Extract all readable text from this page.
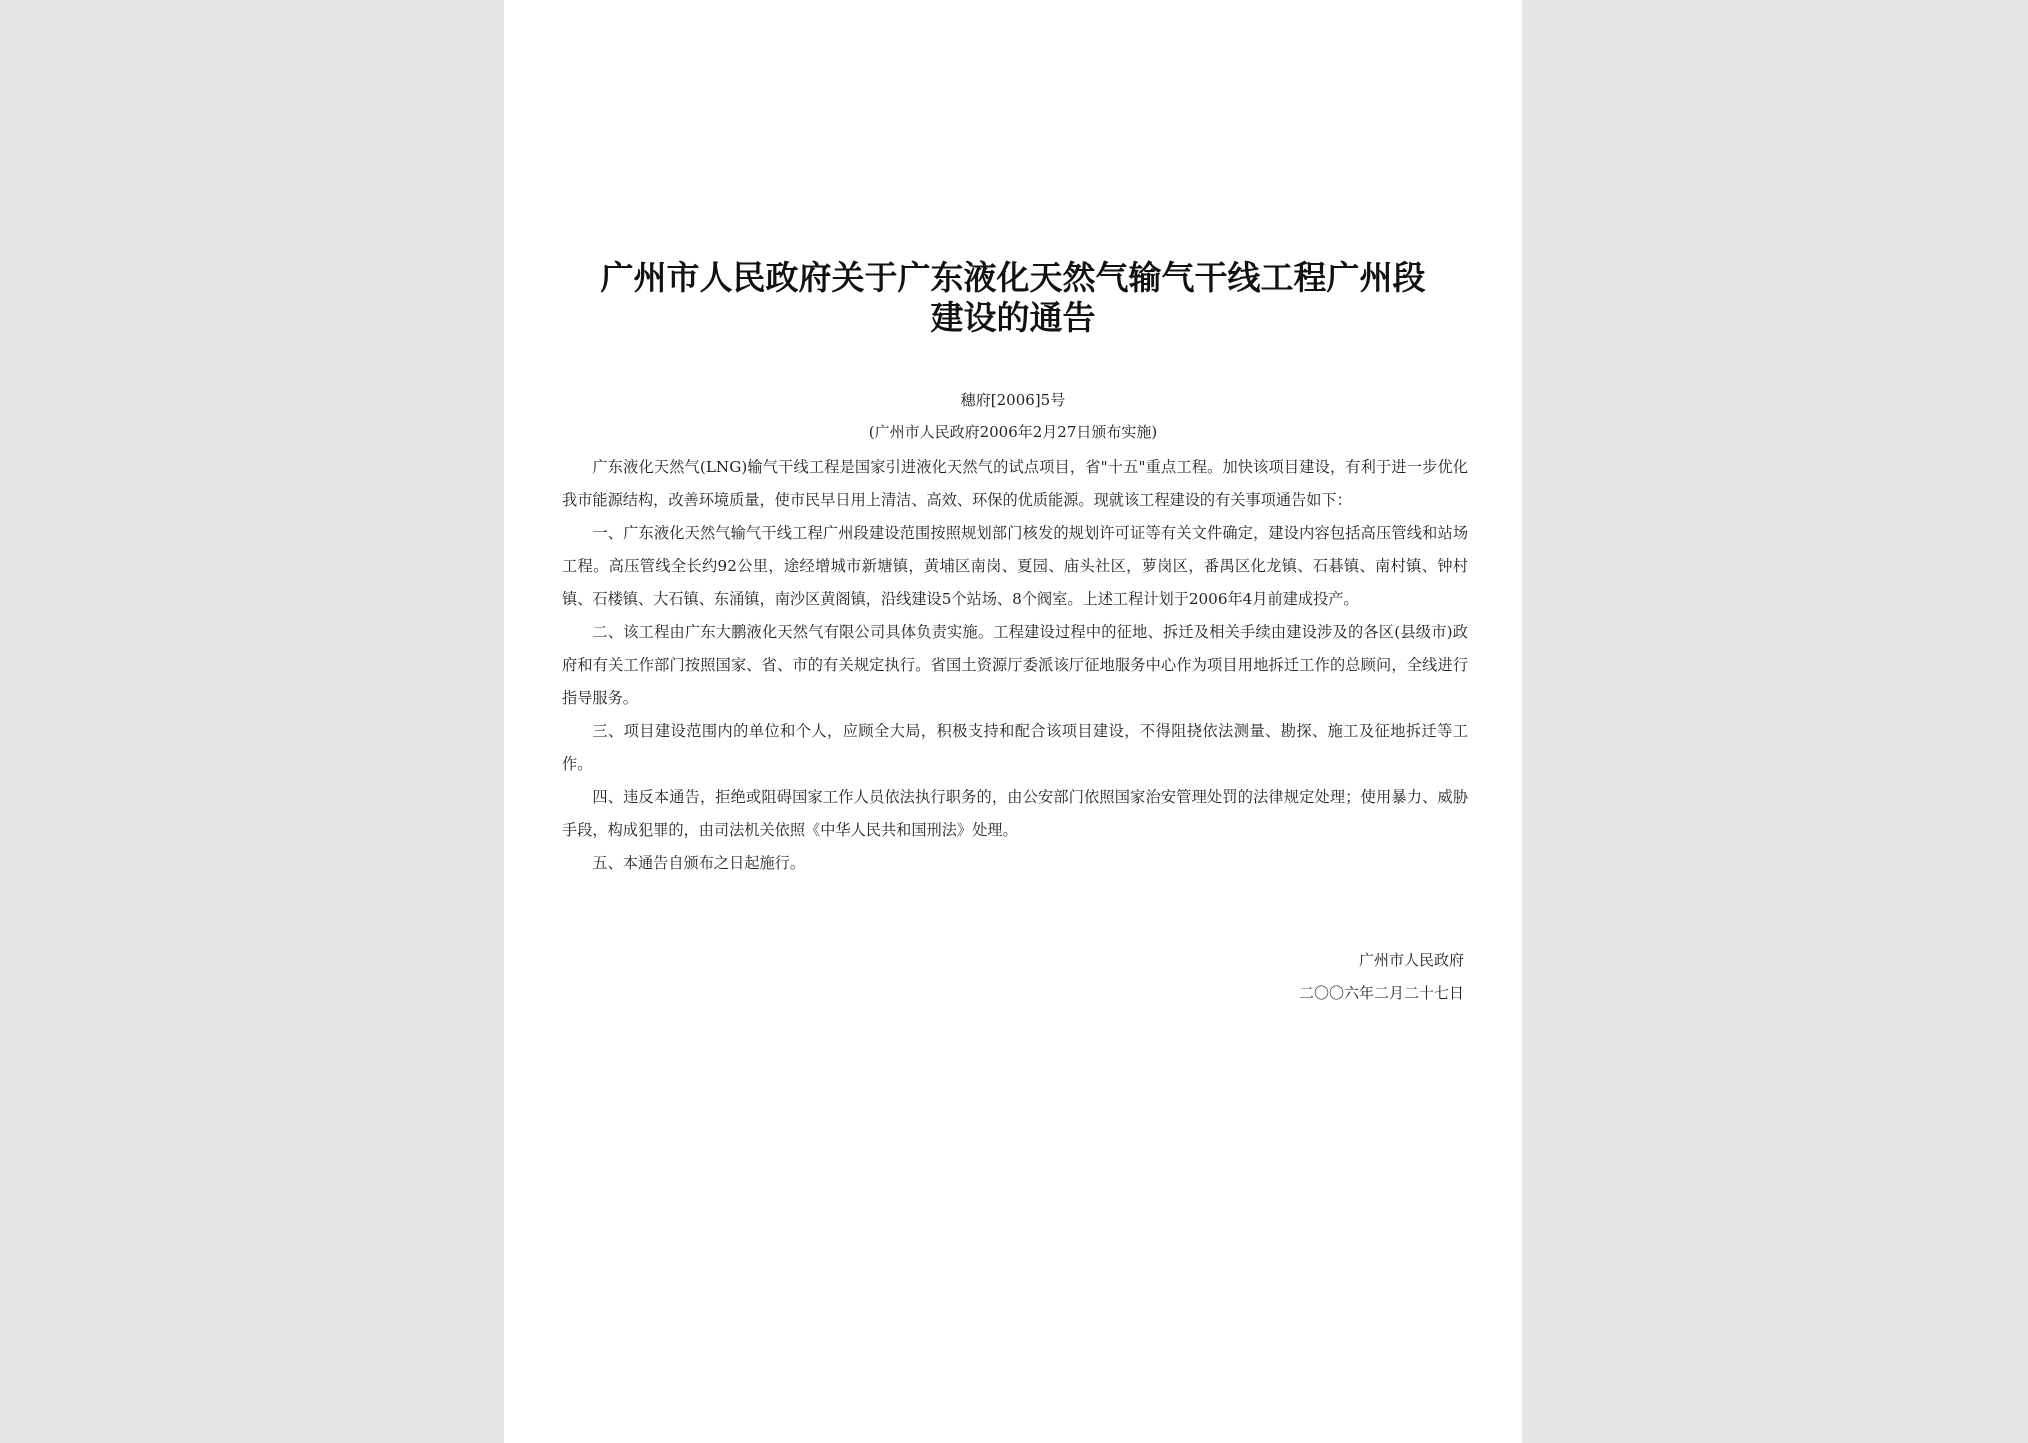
广州市人民政府关于广东液化天然气输气干线工程广州段建设的通告
穗府[2006]5号
(广州市人民政府2006年2月27日颁布实施)

广东液化天然气(LNG)输气干线工程是国家引进液化天然气的试点项目，省"十五"重点工程。加快该项目建设，有利于进一步优化我市能源结构，改善环境质量，使市民早日用上清洁、高效、环保的优质能源。现就该工程建设的有关事项通告如下：

一、广东液化天然气输气干线工程广州段建设范围按照规划部门核发的规划许可证等有关文件确定，建设内容包括高压管线和站场工程。高压管线全长约92公里，途经增城市新塘镇，黄埔区南岗、夏园、庙头社区，萝岗区，番禺区化龙镇、石碁镇、南村镇、钟村镇、石楼镇、大石镇、东涌镇，南沙区黄阁镇，沿线建设5个站场、8个阀室。上述工程计划于2006年4月前建成投产。

二、该工程由广东大鹏液化天然气有限公司具体负责实施。工程建设过程中的征地、拆迁及相关手续由建设涉及的各区(县级市)政府和有关工作部门按照国家、省、市的有关规定执行。省国土资源厅委派该厅征地服务中心作为项目用地拆迁工作的总顾问，全线进行指导服务。

三、项目建设范围内的单位和个人，应顾全大局，积极支持和配合该项目建设，不得阻挠依法测量、勘探、施工及征地拆迁等工作。

四、违反本通告，拒绝或阻碍国家工作人员依法执行职务的，由公安部门依照国家治安管理处罚的法律规定处理；使用暴力、威胁手段，构成犯罪的，由司法机关依照《中华人民共和国刑法》处理。

五、本通告自颁布之日起施行。

广州市人民政府
二〇〇六年二月二十七日
